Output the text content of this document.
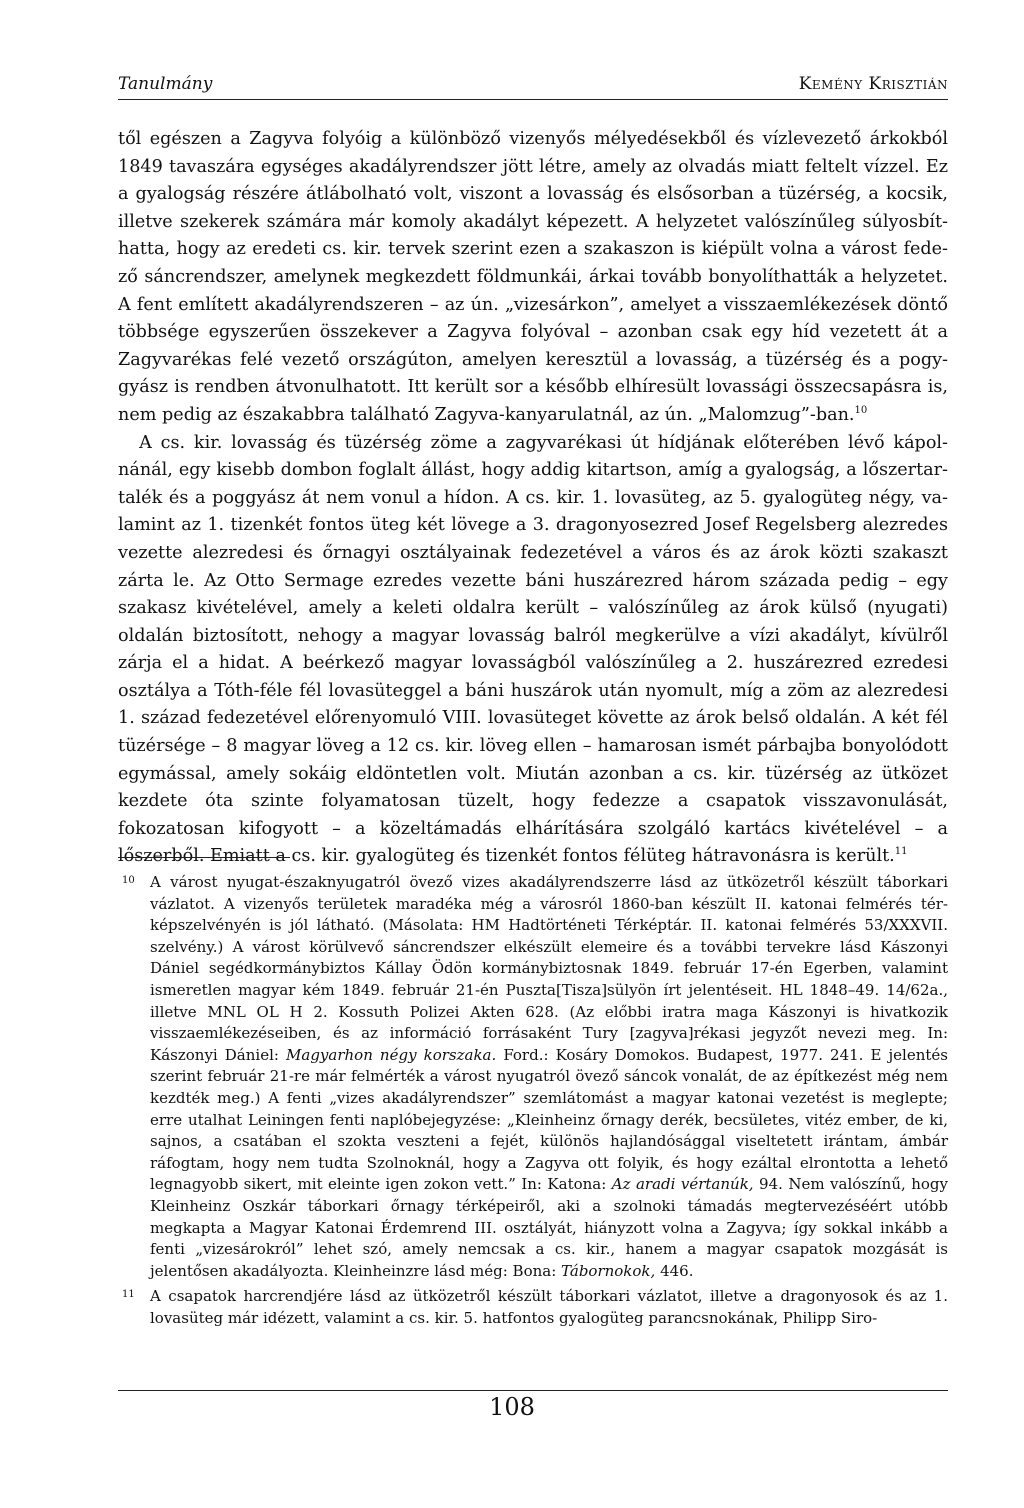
Tanulmány	Kemény Krisztián

től egészen a Zagyva folyóig a különböző vizenyős mélyedésekből és vízlevezető árkokból 1849 tavaszára egységes akadályrendszer jött létre, amely az olvadás miatt feltelt vízzel. Ez a gyalogság részére átlábolható volt, viszont a lovasság és elsősorban a tüzérség, a kocsik, illetve szekerek számára már komoly akadályt képezett. A helyzetet valószínűleg súlyosbíthatta, hogy az eredeti cs. kir. tervek szerint ezen a szakaszon is kiépült volna a várost fedező sáncrendszer, amelynek megkezdett földmunkái, árkai tovább bonyolíthatták a helyzetet. A fent említett akadályrendszeren – az ún. „vizesárkon”, amelyet a visszaemlékezések döntő többsége egyszerűen összekever a Zagyva folyóval – azonban csak egy híd vezetett át a Zagyvarékas felé vezető országúton, amelyen keresztül a lovasság, a tüzérség és a pogygyász is rendben átvonulhatott. Itt került sor a később elhíresült lovassági összecsapásra is, nem pedig az északabbra található Zagyva-kanyarulatnál, az ún. „Malomzug”-ban.$^{10}$

A cs. kir. lovasság és tüzérség zöme a zagyvarékasi út hídjának előterében lévő kápolnánál, egy kisebb dombon foglalt állást, hogy addig kitartson, amíg a gyalogság, a lőszertartalék és a poggyász át nem vonul a hídon. A cs. kir. 1. lovasüteg, az 5. gyalogüteg négy, valamint az 1. tizenkét fontos üteg két lövege a 3. dragonyosezred Josef Regelsberg alezredes vezette alezredesi és őrnagyi osztályainak fedezetével a város és az árok közti szakaszt zárta le. Az Otto Sermage ezredes vezette báni huszárezred három százada pedig – egy szakasz kivételével, amely a keleti oldalra került – valószínűleg az árok külső (nyugati) oldalán biztosított, nehogy a magyar lovasság balról megkerülve a vízi akadályt, kívülről zárja el a hidat. A beérkező magyar lovasságból valószínűleg a 2. huszárezred ezredesi osztálya a Tóth-féle fél lovasüteggel a báni huszárok után nyomult, míg a zöm az alezredesi 1. század fedezetével előrenyomuló VIII. lovasüteget követte az árok belső oldalán. A két fél tüzérsége – 8 magyar löveg a 12 cs. kir. löveg ellen – hamarosan ismét párbajba bonyolódott egymással, amely sokáig eldöntetlen volt. Miután azonban a cs. kir. tüzérség az ütközet kezdete óta szinte folyamatosan tüzelt, hogy fedezze a csapatok visszavonulását, fokozatosan kifogyott – a közeltámadás elhárítására szolgáló kartács kivételével – a lőszerből. Emiatt a cs. kir. gyalogüteg és tizenkét fontos félüteg hátravonásra is került.$^{11}$

10 A várost nyugat-északnyugatról övező vizes akadályrendszerre lásd az ütközetről készült táborkari vázlatot. A vizenyős területek maradéka még a városról 1860-ban készült II. katonai felmérés térképszelvényén is jól látható. (Másolata: HM Hadtörténeti Térképtár. II. katonai felmérés 53/XXXVII. szelvény.) A várost körülvevő sáncrendszer elkészült elemeire és a további tervekre lásd Kászonyi Dániel segédkormánybiztos Kállay Ödön kormánybiztosnak 1849. február 17-én Egerben, valamint ismeretlen magyar kém 1849. február 21-én Puszta[Tisza]sülyön írt jelentéseit. HL 1848–49. 14/62a., illetve MNL OL H 2. Kossuth Polizei Akten 628. (Az előbbi iratra maga Kászonyi is hivatkozik visszaemlékezéseiben, és az információ forrásaként Tury [zagyva]rékasi jegyzőt nevezi meg. In: Kászonyi Dániel: Magyarhon négy korszaka. Ford.: Kosáry Domokos. Budapest, 1977. 241. E jelentés szerint február 21-re már felmérték a várost nyugatról övező sáncok vonalát, de az építkezést még nem kezdték meg.) A fenti „vizes akadályrendszer” szemlátomást a magyar katonai vezetést is meglepte; erre utalhat Leiningen fenti naplóbejegyzése: „Kleinheinz őrnagy derék, becsületes, vitéz ember, de ki, sajnos, a csatában el szokta veszteni a fejét, különös hajlandósággal viseltetett irántam, ámbár ráfogtam, hogy nem tudta Szolnoknál, hogy a Zagyva ott folyik, és hogy ezáltal elrontotta a lehető legnagyobb sikert, mit eleinte igen zokon vett.” In: Katona: Az aradi vértanúk, 94. Nem valószínű, hogy Kleinheinz Oszkár táborkari őrnagy térképeiről, aki a szolnoki támadás megtervezéséért utóbb megkapta a Magyar Katonai Érdemrend III. osztályát, hiányzott volna a Zagyva; így sokkal inkább a fenti „vizesárokról” lehet szó, amely nemcsak a cs. kir., hanem a magyar csapatok mozgását is jelentősen akadályozta. Kleinheinzre lásd még: Bona: Tábornokok, 446.
11 A csapatok harcrendjére lásd az ütközetről készült táborkari vázlatot, illetve a dragonyosok és az 1. lovasüteg már idézett, valamint a cs. kir. 5. hatfontos gyalogüteg parancsnokának, Philipp Siro-
108
